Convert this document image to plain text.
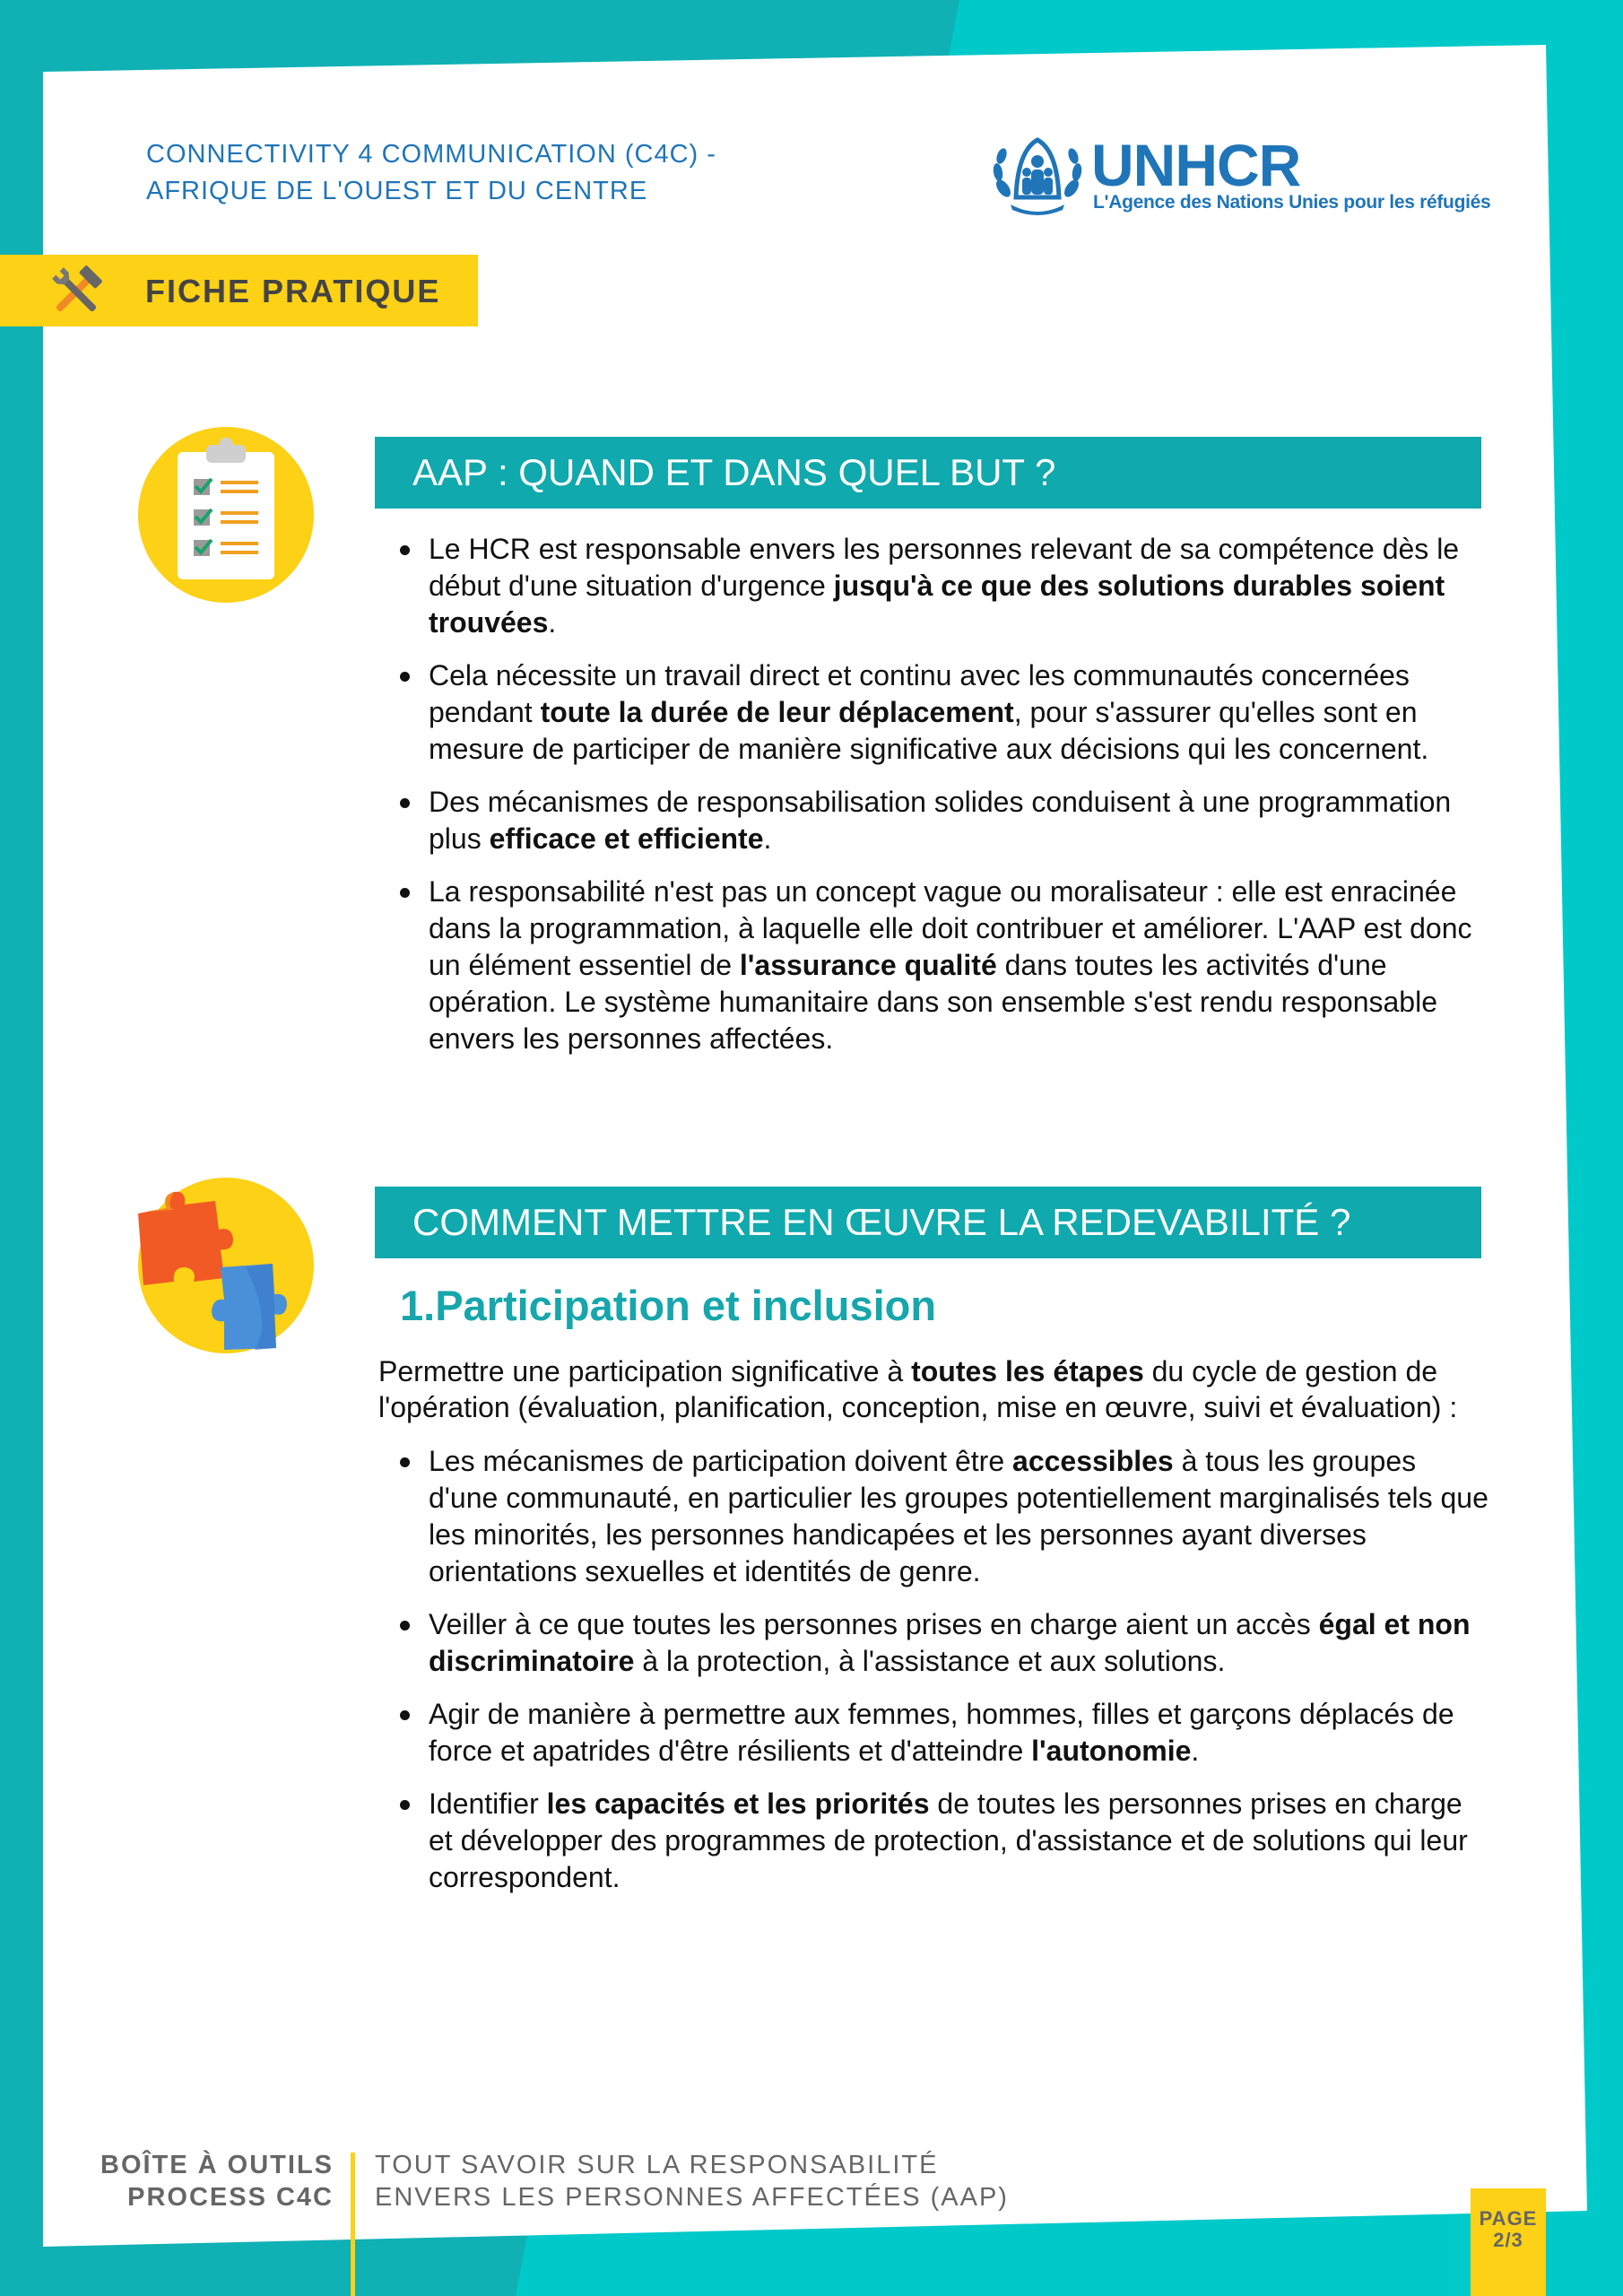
CONNECTIVITY 4 COMMUNICATION (C4C) -
AFRIQUE DE L'OUEST ET DU CENTRE	UNHCR
L'Agence des Nations Unies pour les réfugiés
FICHE PRATIQUE
AAP : QUAND ET DANS QUEL BUT ?
Le HCR est responsable envers les personnes relevant de sa compétence dès le début d'une situation d'urgence jusqu'à ce que des solutions durables soient trouvées.
Cela nécessite un travail direct et continu avec les communautés concernées pendant toute la durée de leur déplacement, pour s'assurer qu'elles sont en mesure de participer de manière significative aux décisions qui les concernent.
Des mécanismes de responsabilisation solides conduisent à une programmation plus efficace et efficiente.
La responsabilité n'est pas un concept vague ou moralisateur : elle est enracinée dans la programmation, à laquelle elle doit contribuer et améliorer. L'AAP est donc un élément essentiel de l'assurance qualité dans toutes les activités d'une opération. Le système humanitaire dans son ensemble s'est rendu responsable envers les personnes affectées.
COMMENT METTRE EN ŒUVRE LA REDEVABILITÉ ?
1.Participation et inclusion
Permettre une participation significative à toutes les étapes du cycle de gestion de l'opération (évaluation, planification, conception, mise en œuvre, suivi et évaluation) :
Les mécanismes de participation doivent être accessibles à tous les groupes d'une communauté, en particulier les groupes potentiellement marginalisés tels que les minorités, les personnes handicapées et les personnes ayant diverses orientations sexuelles et identités de genre.
Veiller à ce que toutes les personnes prises en charge aient un accès égal et non discriminatoire à la protection, à l'assistance et aux solutions.
Agir de manière à permettre aux femmes, hommes, filles et garçons déplacés de force et apatrides d'être résilients et d'atteindre l'autonomie.
Identifier les capacités et les priorités de toutes les personnes prises en charge et développer des programmes de protection, d'assistance et de solutions qui leur correspondent.
BOÎTE À OUTILS
PROCESS C4C
TOUT SAVOIR SUR LA RESPONSABILITÉ
ENVERS LES PERSONNES AFFECTÉES (AAP)
PAGE
2/3
